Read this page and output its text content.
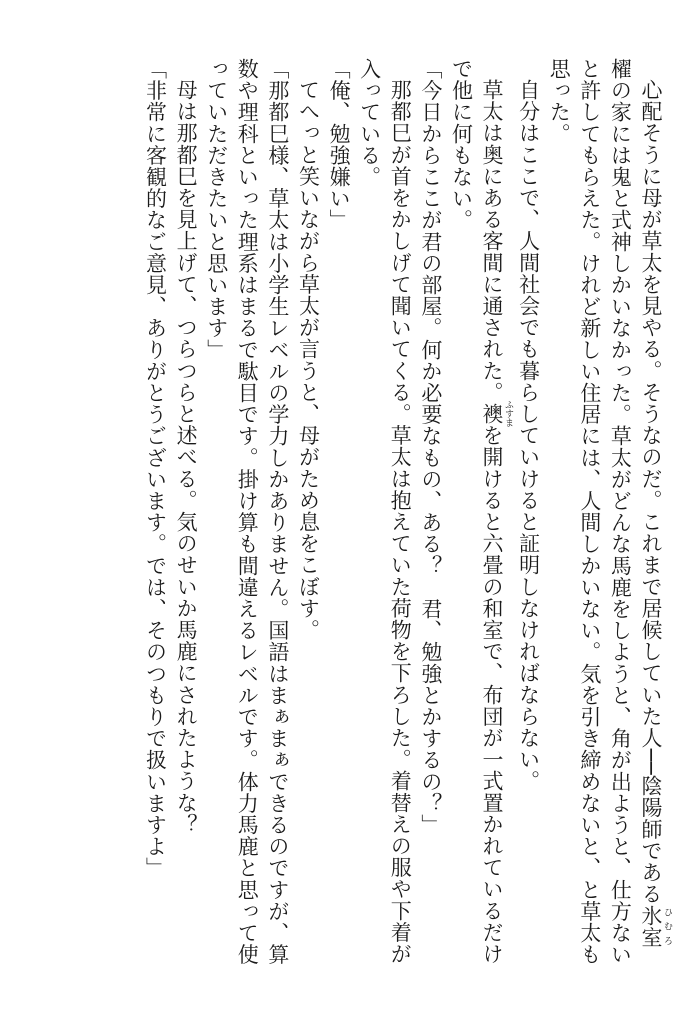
心配そうに母が草太を見やる。そうなのだ。これまで居候していた人──陰陽師である氷室 ひむろ
櫂の家には鬼と式神しかいなかった。草太がどんな馬鹿をしようと、角が出ようと、仕方ない
と許してもらえた。けれど新しい住居には、人間しかいない。気を引き締めないと、と草太も
思った。
自分はここで、人間社会でも暮らしていけると証明しなければならない。
草太は奥にある客間に通された。襖 ふすまを開けると六畳の和室で、布団が一式置かれているだけ
で他に何もない。
「今日からここが君の部屋。何か必要なもの、ある？　君、勉強とかするの？」
那都巳が首をかしげて聞いてくる。草太は抱えていた荷物を下ろした。着替えの服や下着が
入っている。
「俺、勉強嫌い」
てへっと笑いながら草太が言うと、母がため息をこぼす。
「那都巳様、草太は小学生レベルの学力しかありません。国語はまぁまぁできるのですが、算
数や理科といった理系はまるで駄目です。掛け算も間違えるレベルです。体力馬鹿と思って使
っていただきたいと思います」
母は那都巳を見上げて、つらつらと述べる。気のせいか馬鹿にされたような？
「非常に客観的なご意見、ありがとうございます。では、そのつもりで扱いますよ」
